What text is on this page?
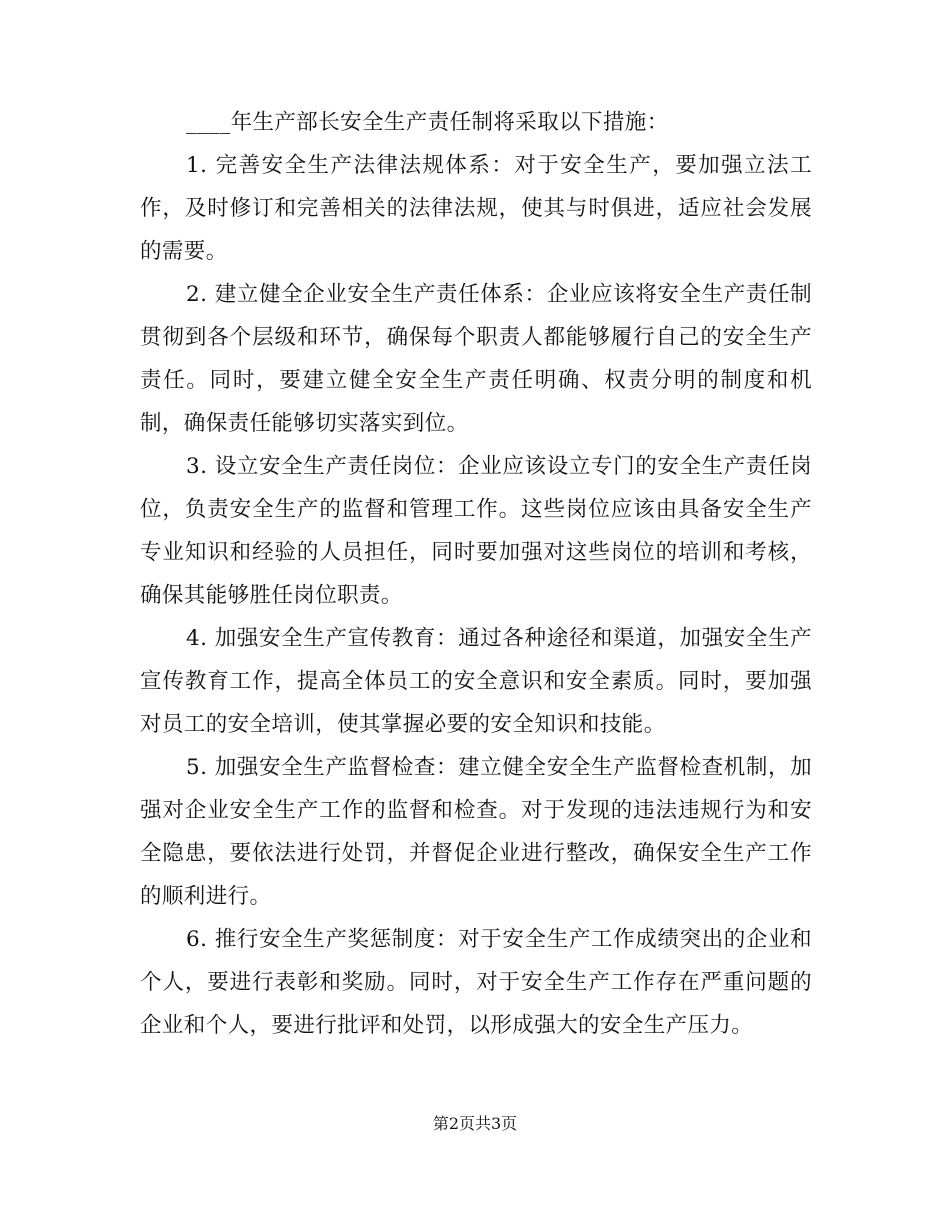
____年生产部长安全生产责任制将采取以下措施：

1. 完善安全生产法律法规体系：对于安全生产，要加强立法工作，及时修订和完善相关的法律法规，使其与时俱进，适应社会发展的需要。

2. 建立健全企业安全生产责任体系：企业应该将安全生产责任制贯彻到各个层级和环节，确保每个职责人都能够履行自己的安全生产责任。同时，要建立健全安全生产责任明确、权责分明的制度和机制，确保责任能够切实落实到位。

3. 设立安全生产责任岗位：企业应该设立专门的安全生产责任岗位，负责安全生产的监督和管理工作。这些岗位应该由具备安全生产专业知识和经验的人员担任，同时要加强对这些岗位的培训和考核，确保其能够胜任岗位职责。

4. 加强安全生产宣传教育：通过各种途径和渠道，加强安全生产宣传教育工作，提高全体员工的安全意识和安全素质。同时，要加强对员工的安全培训，使其掌握必要的安全知识和技能。

5. 加强安全生产监督检查：建立健全安全生产监督检查机制，加强对企业安全生产工作的监督和检查。对于发现的违法违规行为和安全隐患，要依法进行处罚，并督促企业进行整改，确保安全生产工作的顺利进行。

6. 推行安全生产奖惩制度：对于安全生产工作成绩突出的企业和个人，要进行表彰和奖励。同时，对于安全生产工作存在严重问题的企业和个人，要进行批评和处罚，以形成强大的安全生产压力。

第2页共3页
